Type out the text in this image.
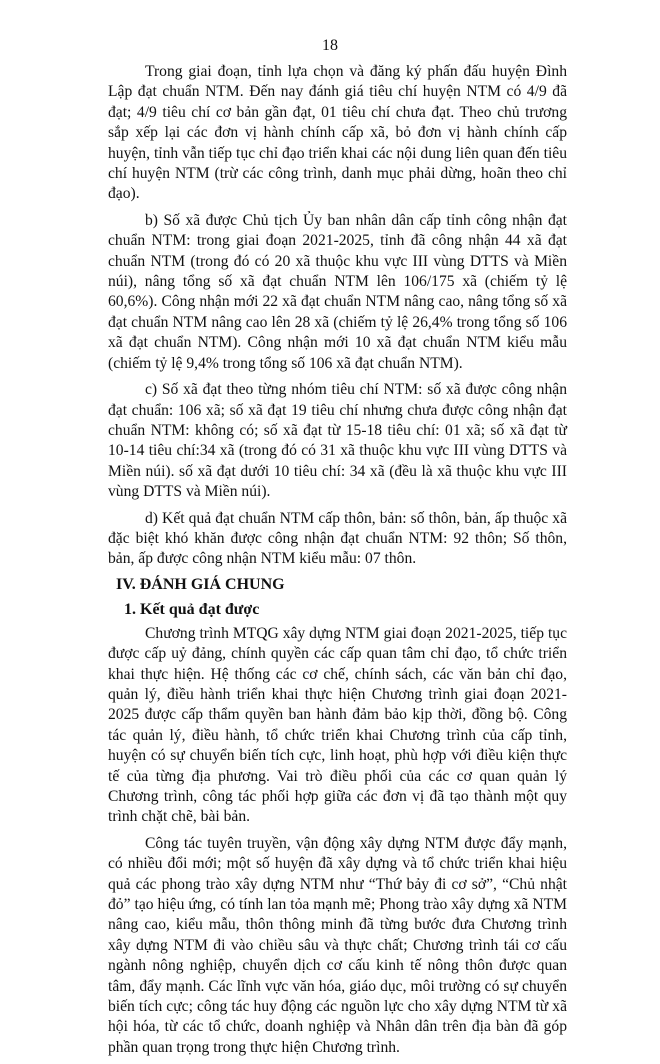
18

Trong giai đoạn, tỉnh lựa chọn và đăng ký phấn đấu huyện Đình Lập đạt chuẩn NTM. Đến nay đánh giá tiêu chí huyện NTM có 4/9 đã đạt; 4/9 tiêu chí cơ bản gần đạt, 01 tiêu chí chưa đạt. Theo chủ trương sắp xếp lại các đơn vị hành chính cấp xã, bỏ đơn vị hành chính cấp huyện, tỉnh vẫn tiếp tục chỉ đạo triển khai các nội dung liên quan đến tiêu chí huyện NTM (trừ các công trình, danh mục phải dừng, hoãn theo chỉ đạo).

b) Số xã được Chủ tịch Ủy ban nhân dân cấp tỉnh công nhận đạt chuẩn NTM: trong giai đoạn 2021-2025, tỉnh đã công nhận 44 xã đạt chuẩn NTM (trong đó có 20 xã thuộc khu vực III vùng DTTS và Miền núi), nâng tổng số xã đạt chuẩn NTM lên 106/175 xã (chiếm tỷ lệ 60,6%). Công nhận mới 22 xã đạt chuẩn NTM nâng cao, nâng tổng số xã đạt chuẩn NTM nâng cao lên 28 xã (chiếm tỷ lệ 26,4% trong tổng số 106 xã đạt chuẩn NTM). Công nhận mới 10 xã đạt chuẩn NTM kiểu mẫu (chiếm tỷ lệ 9,4% trong tổng số 106 xã đạt chuẩn NTM).

c) Số xã đạt theo từng nhóm tiêu chí NTM: số xã được công nhận đạt chuẩn: 106 xã; số xã đạt 19 tiêu chí nhưng chưa được công nhận đạt chuẩn NTM: không có; số xã đạt từ 15-18 tiêu chí: 01 xã; số xã đạt từ 10-14 tiêu chí:34 xã (trong đó có 31 xã thuộc khu vực III vùng DTTS và Miền núi). số xã đạt dưới 10 tiêu chí: 34 xã (đều là xã thuộc khu vực III vùng DTTS và Miền núi).

d) Kết quả đạt chuẩn NTM cấp thôn, bản: số thôn, bản, ấp thuộc xã đặc biệt khó khăn được công nhận đạt chuẩn NTM: 92 thôn; Số thôn, bản, ấp được công nhận NTM kiểu mẫu: 07 thôn.

IV. ĐÁNH GIÁ CHUNG
1. Kết quả đạt được

Chương trình MTQG xây dựng NTM giai đoạn 2021-2025, tiếp tục được cấp uỷ đảng, chính quyền các cấp quan tâm chỉ đạo, tổ chức triển khai thực hiện. Hệ thống các cơ chế, chính sách, các văn bản chỉ đạo, quản lý, điều hành triển khai thực hiện Chương trình giai đoạn 2021-2025 được cấp thẩm quyền ban hành đảm bảo kịp thời, đồng bộ. Công tác quản lý, điều hành, tổ chức triển khai Chương trình của cấp tỉnh, huyện có sự chuyển biến tích cực, linh hoạt, phù hợp với điều kiện thực tế của từng địa phương. Vai trò điều phối của các cơ quan quản lý Chương trình, công tác phối hợp giữa các đơn vị đã tạo thành một quy trình chặt chẽ, bài bản.

Công tác tuyên truyền, vận động xây dựng NTM được đẩy mạnh, có nhiều đổi mới; một số huyện đã xây dựng và tổ chức triển khai hiệu quả các phong trào xây dựng NTM như “Thứ bảy đi cơ sở”, “Chủ nhật đỏ” tạo hiệu ứng, có tính lan tỏa mạnh mẽ; Phong trào xây dựng xã NTM nâng cao, kiểu mẫu, thôn thông minh đã từng bước đưa Chương trình xây dựng NTM đi vào chiều sâu và thực chất; Chương trình tái cơ cấu ngành nông nghiệp, chuyển dịch cơ cấu kinh tế nông thôn được quan tâm, đẩy mạnh. Các lĩnh vực văn hóa, giáo dục, môi trường có sự chuyển biến tích cực; công tác huy động các nguồn lực cho xây dựng NTM từ xã hội hóa, từ các tổ chức, doanh nghiệp và Nhân dân trên địa bàn đã góp phần quan trọng trong thực hiện Chương trình.
